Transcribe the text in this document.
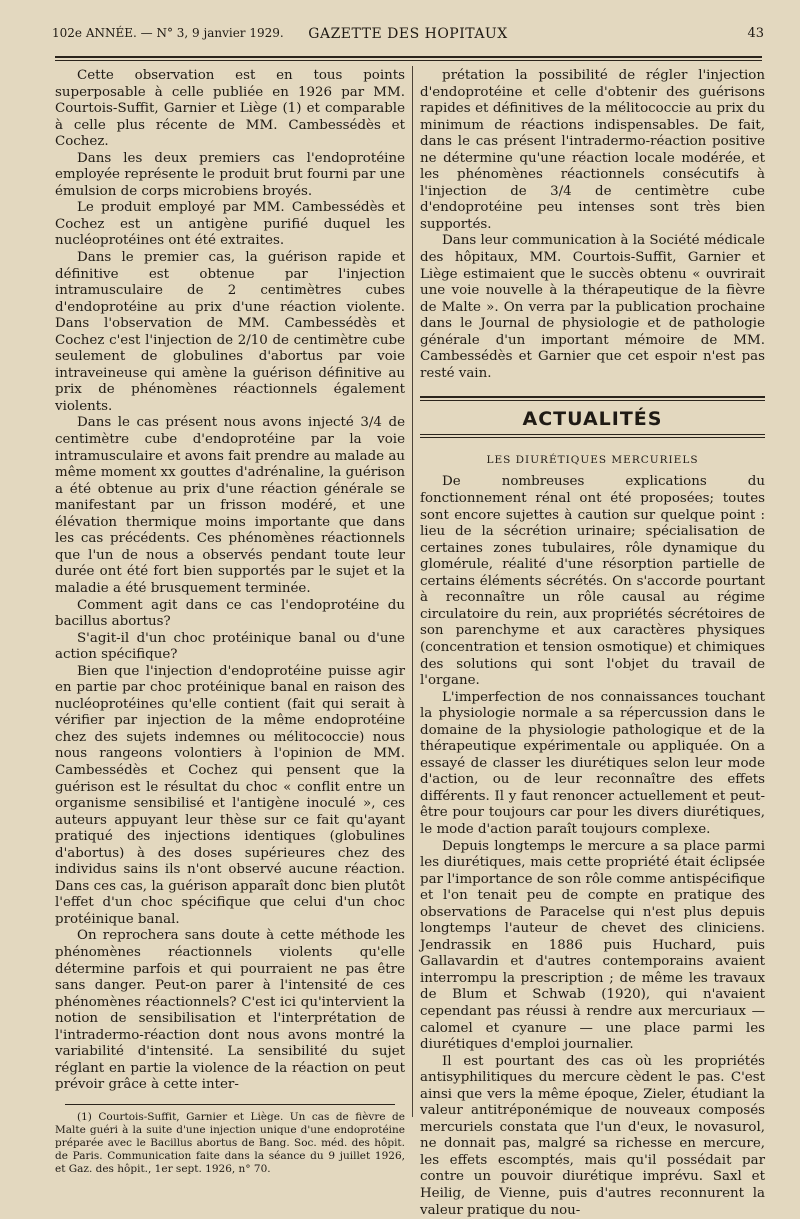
102e ANNÉE. — N° 3, 9 janvier 1929.	GAZETTE DES HOPITAUX	43

Cette observation est en tous points superposable à celle publiée en 1926 par MM. Courtois-Suffit, Garnier et Liège (1) et comparable à celle plus récente de MM. Cambessédès et Cochez.

Dans les deux premiers cas l'endoprotéine employée représente le produit brut fourni par une émulsion de corps microbiens broyés.

Le produit employé par MM. Cambessédès et Cochez est un antigène purifié duquel les nucléoprotéines ont été extraites.

Dans le premier cas, la guérison rapide et définitive est obtenue par l'injection intramusculaire de 2 centimètres cubes d'endoprotéine au prix d'une réaction violente. Dans l'observation de MM. Cambessédès et Cochez c'est l'injection de 2/10 de centimètre cube seulement de globulines d'abortus par voie intraveineuse qui amène la guérison définitive au prix de phénomènes réactionnels également violents.

Dans le cas présent nous avons injecté 3/4 de centimètre cube d'endoprotéine par la voie intramusculaire et avons fait prendre au malade au même moment xx gouttes d'adrénaline, la guérison a été obtenue au prix d'une réaction générale se manifestant par un frisson modéré, et une élévation thermique moins importante que dans les cas précédents. Ces phénomènes réactionnels que l'un de nous a observés pendant toute leur durée ont été fort bien supportés par le sujet et la maladie a été brusquement terminée.

Comment agit dans ce cas l'endoprotéine du bacillus abortus?

S'agit-il d'un choc protéinique banal ou d'une action spécifique?

Bien que l'injection d'endoprotéine puisse agir en partie par choc protéinique banal en raison des nucléoprotéines qu'elle contient (fait qui serait à vérifier par injection de la même endoprotéine chez des sujets indemnes ou mélitococcie) nous nous rangeons volontiers à l'opinion de MM. Cambessédès et Cochez qui pensent que la guérison est le résultat du choc « conflit entre un organisme sensibilisé et l'antigène inoculé », ces auteurs appuyant leur thèse sur ce fait qu'ayant pratiqué des injections identiques (globulines d'abortus) à des doses supérieures chez des individus sains ils n'ont observé aucune réaction. Dans ces cas, la guérison apparaît donc bien plutôt l'effet d'un choc spécifique que celui d'un choc protéinique banal.

On reprochera sans doute à cette méthode les phénomènes réactionnels violents qu'elle détermine parfois et qui pourraient ne pas être sans danger. Peut-on parer à l'intensité de ces phénomènes réactionnels? C'est ici qu'intervient la notion de sensibilisation et l'interprétation de l'intradermo-réaction dont nous avons montré la variabilité d'intensité. La sensibilité du sujet réglant en partie la violence de la réaction on peut prévoir grâce à cette inter-

(1) Courtois-Suffit, Garnier et Liège. Un cas de fièvre de Malte guéri à la suite d'une injection unique d'une endoprotéine préparée avec le Bacillus abortus de Bang. Soc. méd. des hôpit. de Paris. Communication faite dans la séance du 9 juillet 1926, et Gaz. des hôpit., 1er sept. 1926, n° 70.

prétation la possibilité de régler l'injection d'endoprotéine et celle d'obtenir des guérisons rapides et définitives de la mélitococcie au prix du minimum de réactions indispensables. De fait, dans le cas présent l'intradermo-réaction positive ne détermine qu'une réaction locale modérée, et les phénomènes réactionnels consécutifs à l'injection de 3/4 de centimètre cube d'endoprotéine peu intenses sont très bien supportés.

Dans leur communication à la Société médicale des hôpitaux, MM. Courtois-Suffit, Garnier et Liège estimaient que le succès obtenu « ouvrirait une voie nouvelle à la thérapeutique de la fièvre de Malte ». On verra par la publication prochaine dans le Journal de physiologie et de pathologie générale d'un important mémoire de MM. Cambessédès et Garnier que cet espoir n'est pas resté vain.

ACTUALITÉS
LES DIURÉTIQUES MERCURIELS

De nombreuses explications du fonctionnement rénal ont été proposées; toutes sont encore sujettes à caution sur quelque point : lieu de la sécrétion urinaire; spécialisation de certaines zones tubulaires, rôle dynamique du glomérule, réalité d'une résorption partielle de certains éléments sécrétés. On s'accorde pourtant à reconnaître un rôle causal au régime circulatoire du rein, aux propriétés sécrétoires de son parenchyme et aux caractères physiques (concentration et tension osmotique) et chimiques des solutions qui sont l'objet du travail de l'organe.

L'imperfection de nos connaissances touchant la physiologie normale a sa répercussion dans le domaine de la physiologie pathologique et de la thérapeutique expérimentale ou appliquée. On a essayé de classer les diurétiques selon leur mode d'action, ou de leur reconnaître des effets différents. Il y faut renoncer actuellement et peut-être pour toujours car pour les divers diurétiques, le mode d'action paraît toujours complexe.

Depuis longtemps le mercure a sa place parmi les diurétiques, mais cette propriété était éclipsée par l'importance de son rôle comme antispécifique et l'on tenait peu de compte en pratique des observations de Paracelse qui n'est plus depuis longtemps l'auteur de chevet des cliniciens. Jendrassik en 1886 puis Huchard, puis Gallavardin et d'autres contemporains avaient interrompu la prescription ; de même les travaux de Blum et Schwab (1920), qui n'avaient cependant pas réussi à rendre aux mercuriaux — calomel et cyanure — une place parmi les diurétiques d'emploi journalier.

Il est pourtant des cas où les propriétés antisyphilitiques du mercure cèdent le pas. C'est ainsi que vers la même époque, Zieler, étudiant la valeur antitréponémique de nouveaux composés mercuriels constata que l'un d'eux, le novasurol, ne donnait pas, malgré sa richesse en mercure, les effets escomptés, mais qu'il possédait par contre un pouvoir diurétique imprévu. Saxl et Heilig, de Vienne, puis d'autres reconnurent la valeur pratique du nou-
